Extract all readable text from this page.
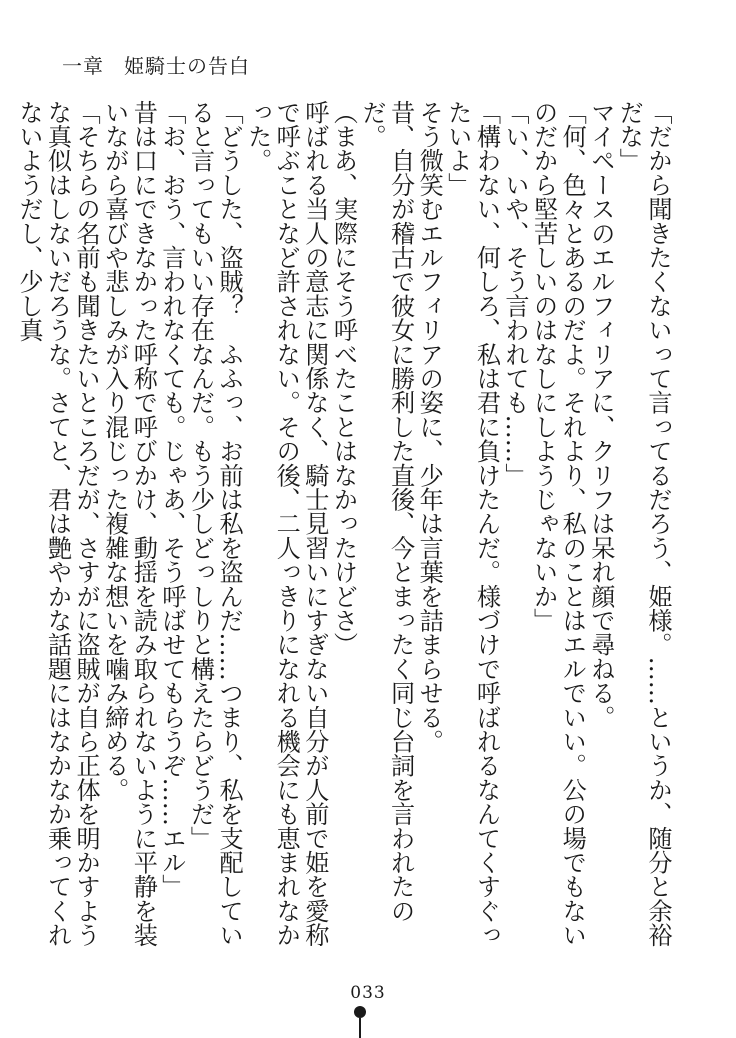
一章 姫騎士の告白

「だから聞きたくないって言ってるだろう、姫様。……というか、随分と余裕だな」

マイペースのエルフィリアに、クリフは呆れ顔で尋ねる。

「何、色々とあるのだよ。それより、私のことはエルでいい。公の場でもないのだから堅苦しいのはなしにしようじゃないか」

「い、いや、そう言われても……」

「構わない、何しろ、私は君に負けたんだ。様づけで呼ばれるなんてくすぐったいよ」

そう微笑むエルフィリアの姿に、少年は言葉を詰まらせる。

昔、自分が稽古で彼女に勝利した直後、今とまったく同じ台詞を言われたのだ。

（まあ、実際にそう呼べたことはなかったけどさ）

呼ばれる当人の意志に関係なく、騎士見習いにすぎない自分が人前で姫を愛称で呼ぶことなど許されない。その後、二人っきりになれる機会にも恵まれなかった。

「どうした、盗賊？　ふふっ、お前は私を盗んだ……つまり、私を支配していると言ってもいい存在なんだ。もう少しどっしりと構えたらどうだ」

「お、おう、言われなくても。じゃあ、そう呼ばせてもらうぞ……エル」

昔は口にできなかった呼称で呼びかけ、動揺を読み取られないように平静を装いながら喜びや悲しみが入り混じった複雑な想いを噛み締める。

「そちらの名前も聞きたいところだが、さすがに盗賊が自ら正体を明かすような真似はしないだろうな。さてと、君は艶やかな話題にはなかなか乗ってくれないようだし、少し真

033
